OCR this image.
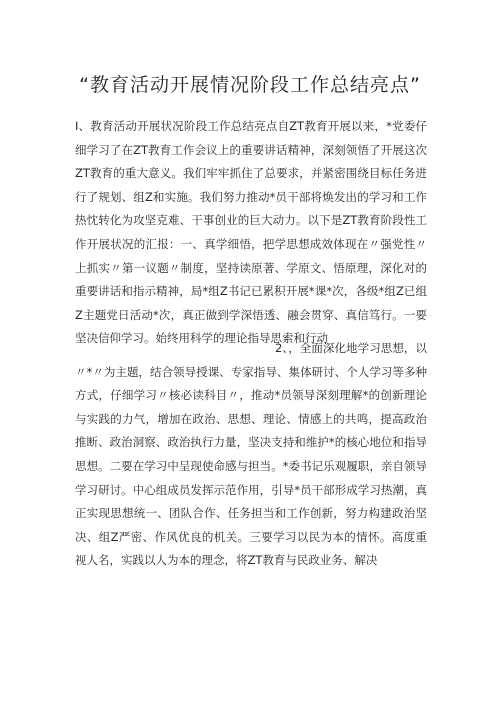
“教育活动开展情况阶段工作总结亮点”

I、教育活动开展状况阶段工作总结亮点自ZT教育开展以来，*党委仔细学习了在ZT教育工作会议上的重要讲话精神，深刻领悟了开展这次ZT教育的重大意义。我们牢牢抓住了总要求，并紧密围绕目标任务进行了规划、组Z和实施。我们努力推动*员干部将焕发出的学习和工作热忱转化为攻坚克难、干事创业的巨大动力。以下是ZT教育阶段性工作开展状况的汇报：一、真学细悟，把学思想成效体现在〃强党性〃上抓实〃第一议题〃制度，坚持读原著、学原文、悟原理，深化对的重要讲话和指示精神，局*组Z书记已累积开展*课*次，各级*组Z已组Z主题党日活动*次，真正做到学深悟透、融会贯穿、真信笃行。一要坚决信仰学习。始终用科学的理论指导思索和行动

2、，全面深化地学习思想，以〃*〃为主题，结合领导授课、专家指导、集体研讨、个人学习等多种方式，仔细学习〃核必读科目〃，推动*员领导深刻理解*的创新理论与实践的力气，增加在政治、思想、理论、情感上的共鸣，提高政治推断、政治洞察、政治执行力量，坚决支持和维护*的核心地位和指导思想。二要在学习中呈现使命感与担当。*委书记乐观履职，亲自领导学习研讨。中心组成员发挥示范作用，引导*员干部形成学习热潮，真正实现思想统一、团队合作、任务担当和工作创新，努力构建政治坚决、组Z严密、作风优良的机关。三要学习以民为本的情怀。高度重视人名，实践以人为本的理念，将ZT教育与民政业务、解决
